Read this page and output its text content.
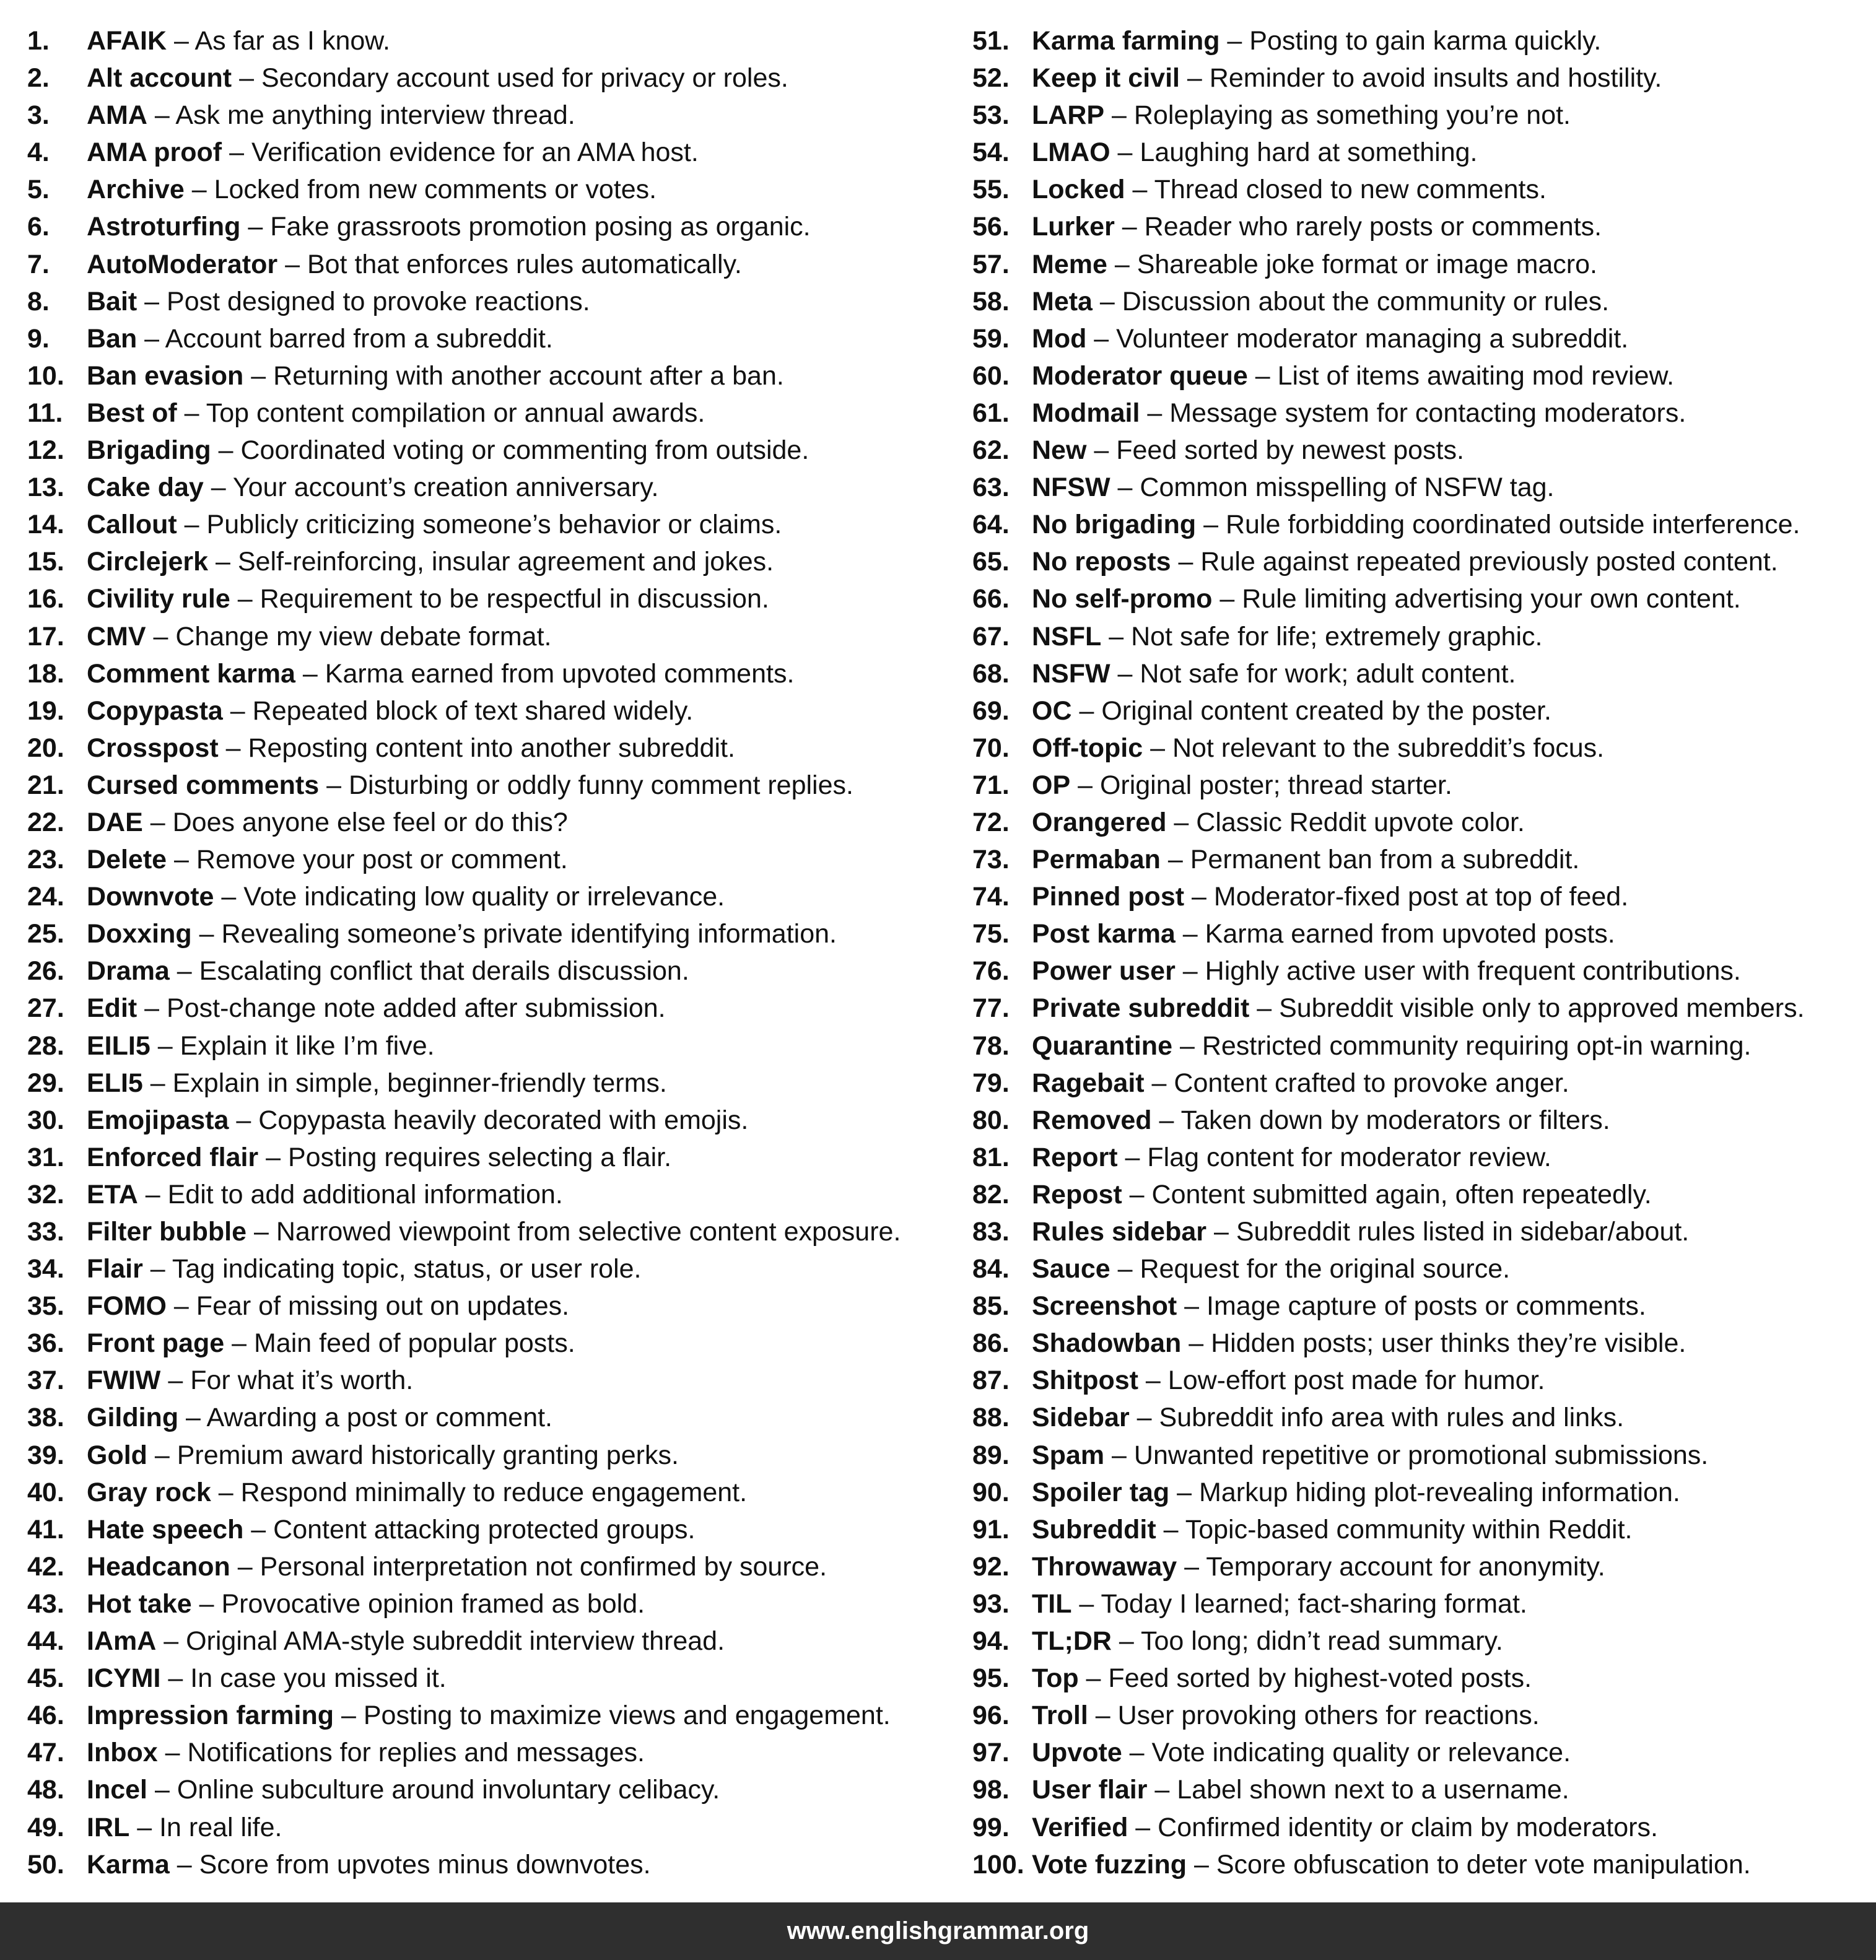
1.	AFAIK – As far as I know.
2.	Alt account – Secondary account used for privacy or roles.
3.	AMA – Ask me anything interview thread.
4.	AMA proof – Verification evidence for an AMA host.
5.	Archive – Locked from new comments or votes.
6.	Astroturfing – Fake grassroots promotion posing as organic.
7.	AutoModerator – Bot that enforces rules automatically.
8.	Bait – Post designed to provoke reactions.
9.	Ban – Account barred from a subreddit.
10. Ban evasion – Returning with another account after a ban.
11. Best of – Top content compilation or annual awards.
12. Brigading – Coordinated voting or commenting from outside.
13. Cake day – Your account’s creation anniversary.
14. Callout – Publicly criticizing someone’s behavior or claims.
15. Circlejerk – Self-reinforcing, insular agreement and jokes.
16. Civility rule – Requirement to be respectful in discussion.
17. CMV – Change my view debate format.
18. Comment karma – Karma earned from upvoted comments.
19. Copypasta – Repeated block of text shared widely.
20. Crosspost – Reposting content into another subreddit.
21. Cursed comments – Disturbing or oddly funny comment replies.
22. DAE – Does anyone else feel or do this?
23. Delete – Remove your post or comment.
24. Downvote – Vote indicating low quality or irrelevance.
25. Doxxing – Revealing someone’s private identifying information.
26. Drama – Escalating conflict that derails discussion.
27. Edit – Post-change note added after submission.
28. EILI5 – Explain it like I’m five.
29. ELI5 – Explain in simple, beginner-friendly terms.
30. Emojipasta – Copypasta heavily decorated with emojis.
31. Enforced flair – Posting requires selecting a flair.
32. ETA – Edit to add additional information.
33. Filter bubble – Narrowed viewpoint from selective content exposure.
34. Flair – Tag indicating topic, status, or user role.
35. FOMO – Fear of missing out on updates.
36. Front page – Main feed of popular posts.
37. FWIW – For what it’s worth.
38. Gilding – Awarding a post or comment.
39. Gold – Premium award historically granting perks.
40. Gray rock – Respond minimally to reduce engagement.
41. Hate speech – Content attacking protected groups.
42. Headcanon – Personal interpretation not confirmed by source.
43. Hot take – Provocative opinion framed as bold.
44. IAmA – Original AMA-style subreddit interview thread.
45. ICYMI – In case you missed it.
46. Impression farming – Posting to maximize views and engagement.
47. Inbox – Notifications for replies and messages.
48. Incel – Online subculture around involuntary celibacy.
49. IRL – In real life.
50. Karma – Score from upvotes minus downvotes.
51. Karma farming – Posting to gain karma quickly.
52. Keep it civil – Reminder to avoid insults and hostility.
53. LARP – Roleplaying as something you’re not.
54. LMAO – Laughing hard at something.
55. Locked – Thread closed to new comments.
56. Lurker – Reader who rarely posts or comments.
57. Meme – Shareable joke format or image macro.
58. Meta – Discussion about the community or rules.
59. Mod – Volunteer moderator managing a subreddit.
60. Moderator queue – List of items awaiting mod review.
61. Modmail – Message system for contacting moderators.
62. New – Feed sorted by newest posts.
63. NFSW – Common misspelling of NSFW tag.
64. No brigading – Rule forbidding coordinated outside interference.
65. No reposts – Rule against repeated previously posted content.
66. No self-promo – Rule limiting advertising your own content.
67. NSFL – Not safe for life; extremely graphic.
68. NSFW – Not safe for work; adult content.
69. OC – Original content created by the poster.
70. Off-topic – Not relevant to the subreddit’s focus.
71. OP – Original poster; thread starter.
72. Orangered – Classic Reddit upvote color.
73. Permaban – Permanent ban from a subreddit.
74. Pinned post – Moderator-fixed post at top of feed.
75. Post karma – Karma earned from upvoted posts.
76. Power user – Highly active user with frequent contributions.
77. Private subreddit – Subreddit visible only to approved members.
78. Quarantine – Restricted community requiring opt-in warning.
79. Ragebait – Content crafted to provoke anger.
80. Removed – Taken down by moderators or filters.
81. Report – Flag content for moderator review.
82. Repost – Content submitted again, often repeatedly.
83. Rules sidebar – Subreddit rules listed in sidebar/about.
84. Sauce – Request for the original source.
85. Screenshot – Image capture of posts or comments.
86. Shadowban – Hidden posts; user thinks they’re visible.
87. Shitpost – Low-effort post made for humor.
88. Sidebar – Subreddit info area with rules and links.
89. Spam – Unwanted repetitive or promotional submissions.
90. Spoiler tag – Markup hiding plot-revealing information.
91. Subreddit – Topic-based community within Reddit.
92. Throwaway – Temporary account for anonymity.
93. TIL – Today I learned; fact-sharing format.
94. TL;DR – Too long; didn’t read summary.
95. Top – Feed sorted by highest-voted posts.
96. Troll – User provoking others for reactions.
97. Upvote – Vote indicating quality or relevance.
98. User flair – Label shown next to a username.
99. Verified – Confirmed identity or claim by moderators.
100. Vote fuzzing – Score obfuscation to deter vote manipulation.
www.englishgrammar.org
